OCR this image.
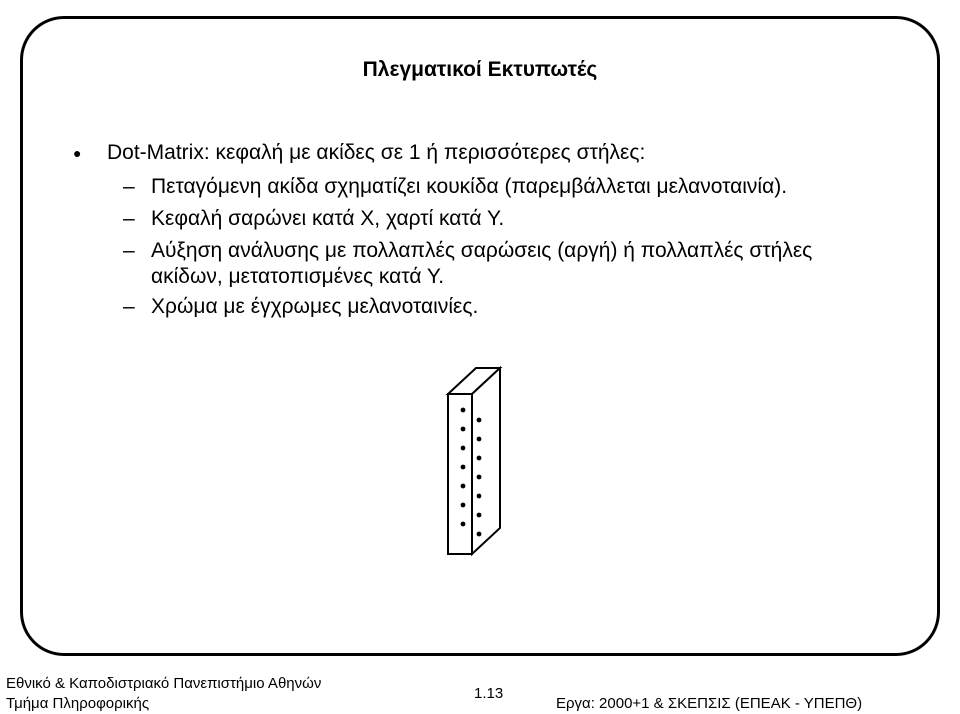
Πλεγματικοί Εκτυπωτές
● Dot-Matrix: κεφαλή με ακίδες σε 1 ή περισσότερες στήλες:
– Πεταγόμενη ακίδα σχηματίζει κουκίδα (παρεμβάλλεται μελανοταινία).
– Κεφαλή σαρώνει κατά Χ, χαρτί κατά Υ.
– Αύξηση ανάλυσης με πολλαπλές σαρώσεις (αργή) ή πολλαπλές στήλες
ακίδων, μετατοπισμένες κατά Υ.
– Χρώμα με έγχρωμες μελανοταινίες.
Εθνικό & Καποδιστριακό Πανεπιστήμιο Αθηνών
Τμήμα Πληροφορικής
1.13
Εργα: 2000+1 & ΣΚΕΠΣΙΣ (ΕΠΕΑΚ - ΥΠΕΠΘ)
